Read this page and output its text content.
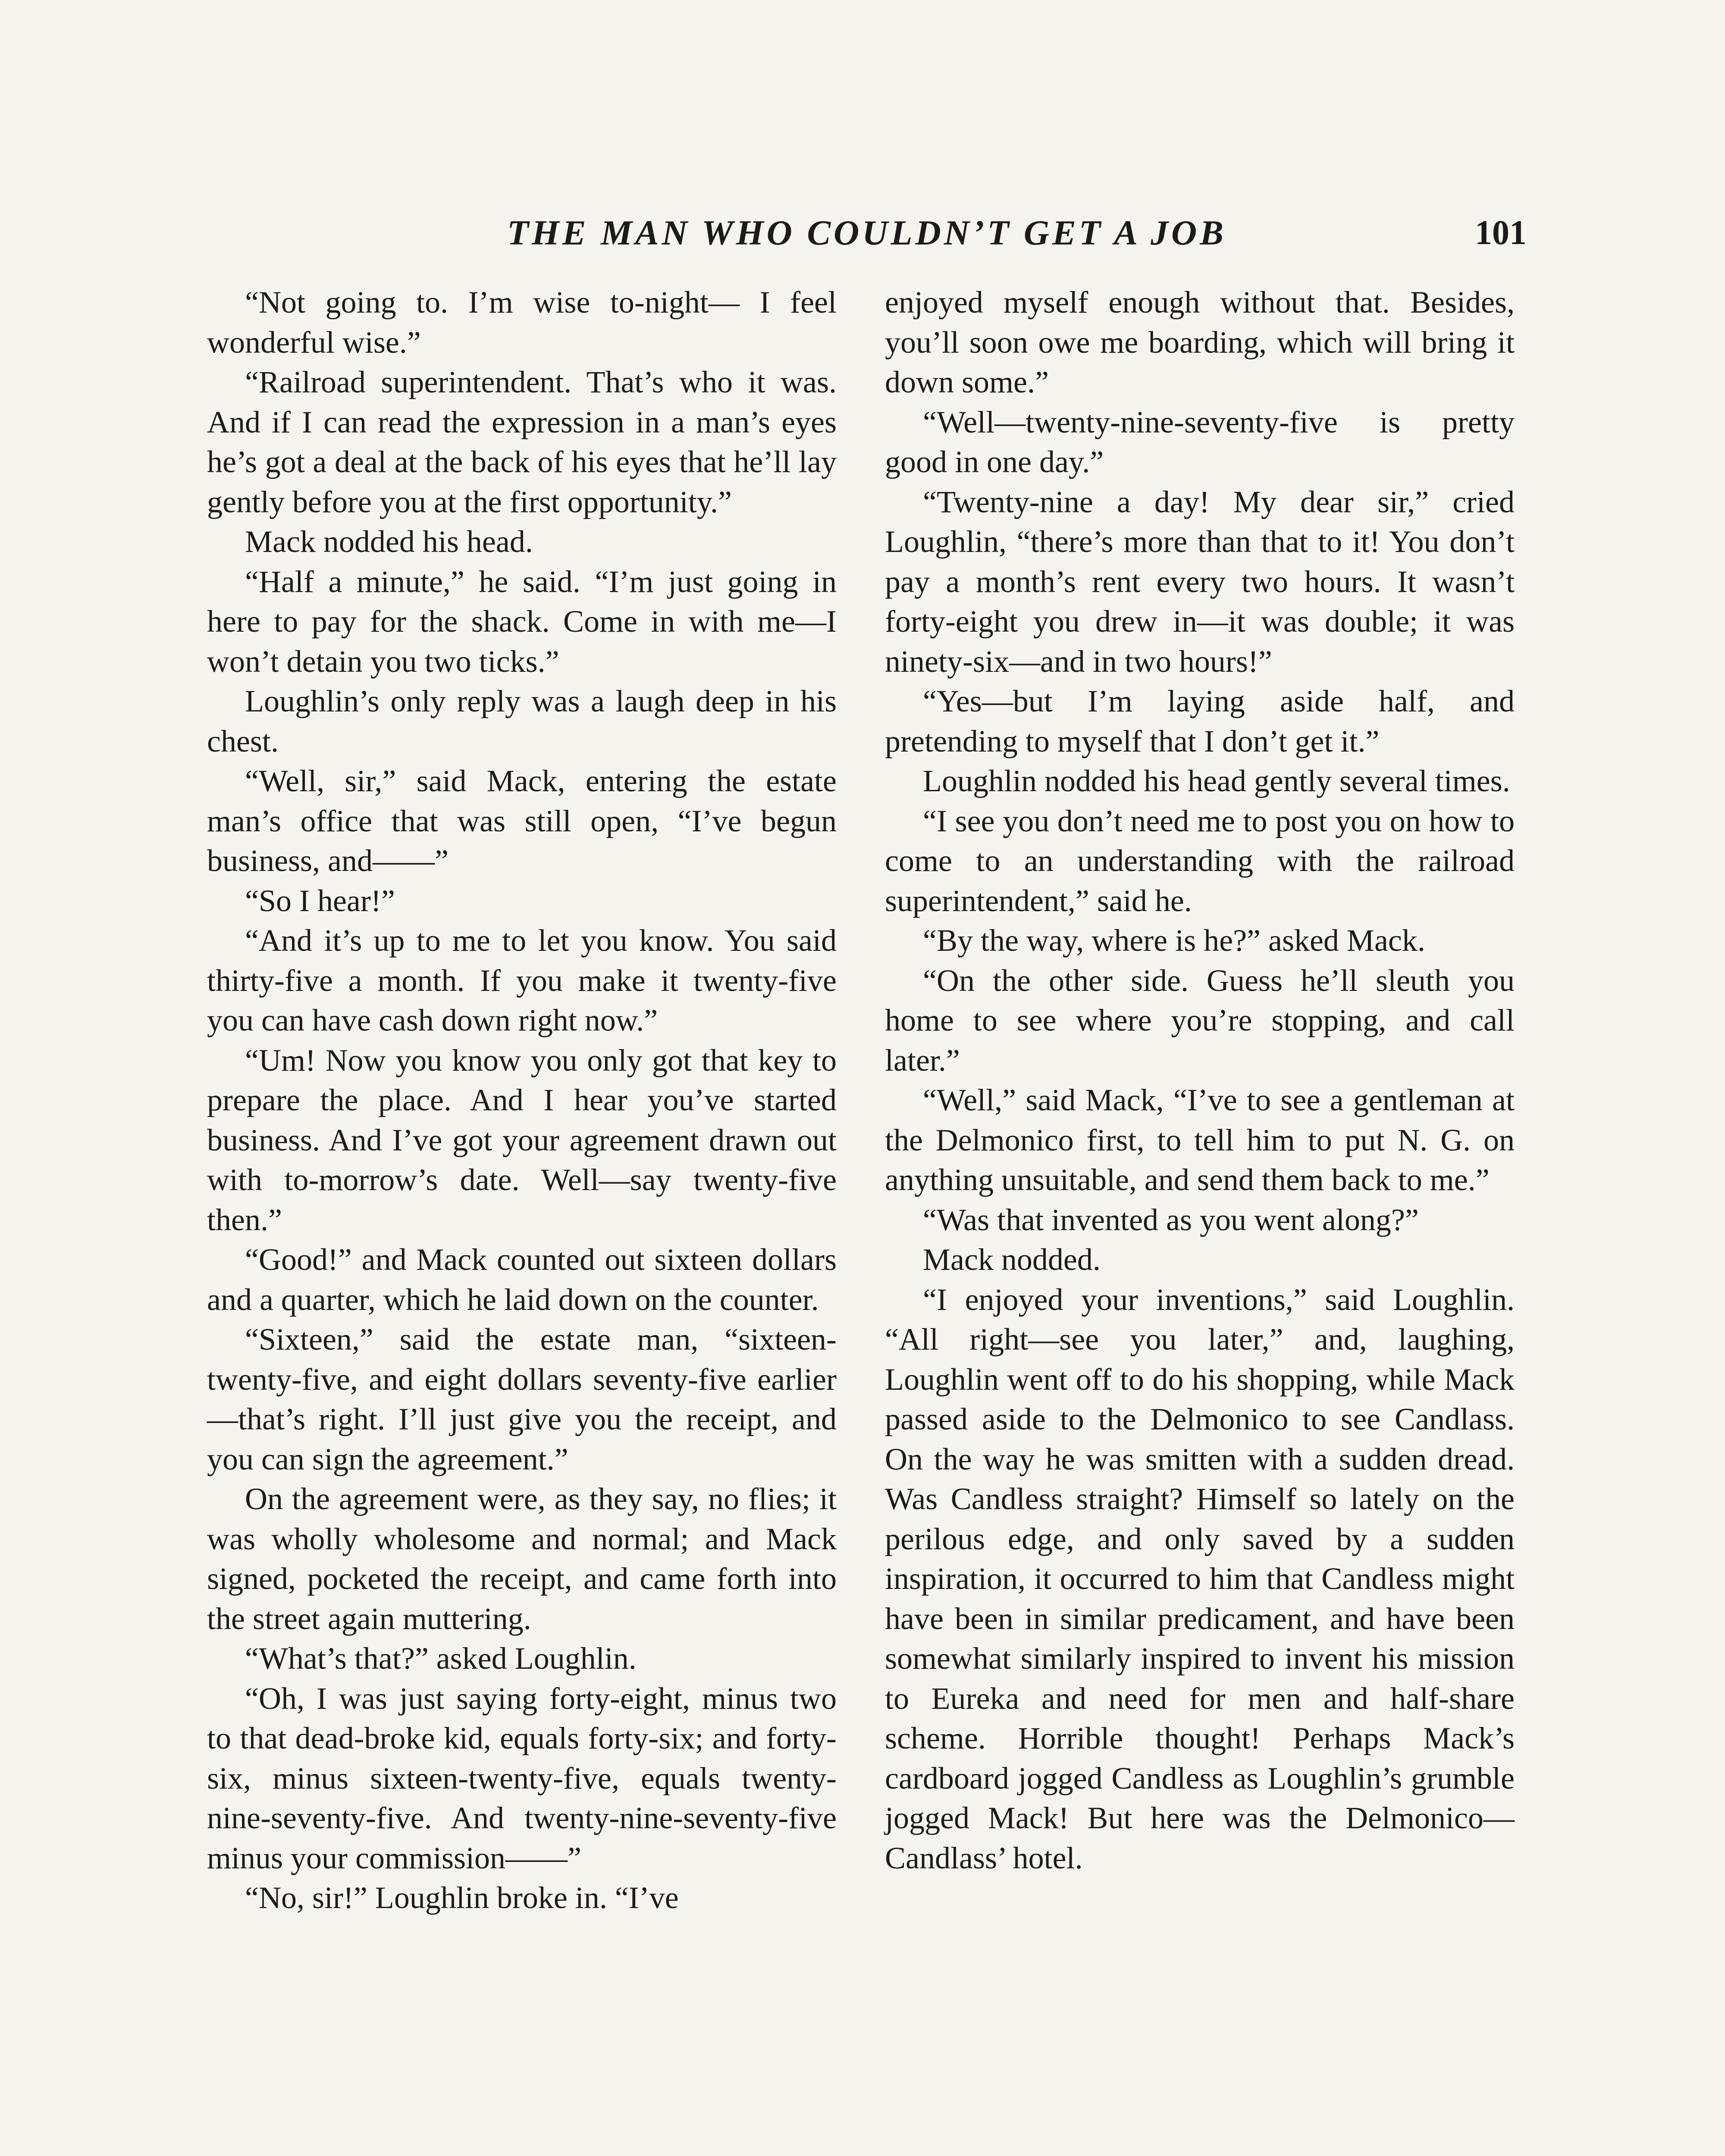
THE MAN WHO COULDN’T GET A JOB	101

“Not going to. I’m wise to-night— I feel wonderful wise.”

“Railroad superintendent. That’s who it was. And if I can read the expression in a man’s eyes he’s got a deal at the back of his eyes that he’ll lay gently before you at the first opportunity.”

Mack nodded his head.

“Half a minute,” he said. “I’m just going in here to pay for the shack. Come in with me—I won’t detain you two ticks.”

Loughlin’s only reply was a laugh deep in his chest.

“Well, sir,” said Mack, entering the estate man’s office that was still open, “I’ve begun business, and——”

“So I hear!”

“And it’s up to me to let you know. You said thirty-five a month. If you make it twenty-five you can have cash down right now.”

“Um! Now you know you only got that key to prepare the place. And I hear you’ve started business. And I’ve got your agreement drawn out with to-morrow’s date. Well—say twenty-five then.”

“Good!” and Mack counted out sixteen dollars and a quarter, which he laid down on the counter.

“Sixteen,” said the estate man, “sixteen-twenty-five, and eight dollars seventy-five earlier—that’s right. I’ll just give you the receipt, and you can sign the agreement.”

On the agreement were, as they say, no flies; it was wholly wholesome and normal; and Mack signed, pocketed the receipt, and came forth into the street again muttering.

“What’s that?” asked Loughlin.

“Oh, I was just saying forty-eight, minus two to that dead-broke kid, equals forty-six; and forty-six, minus sixteen-twenty-five, equals twenty-nine-seventy-five. And twenty-nine-seventy-five minus your commission——”

“No, sir!” Loughlin broke in. “I’ve

enjoyed myself enough without that. Besides, you’ll soon owe me boarding, which will bring it down some.”

“Well—twenty-nine-seventy-five is pretty good in one day.”

“Twenty-nine a day! My dear sir,” cried Loughlin, “there’s more than that to it! You don’t pay a month’s rent every two hours. It wasn’t forty-eight you drew in—it was double; it was ninety-six—and in two hours!”

“Yes—but I’m laying aside half, and pretending to myself that I don’t get it.”

Loughlin nodded his head gently several times.

“I see you don’t need me to post you on how to come to an understanding with the railroad superintendent,” said he.

“By the way, where is he?” asked Mack.

“On the other side. Guess he’ll sleuth you home to see where you’re stopping, and call later.”

“Well,” said Mack, “I’ve to see a gentleman at the Delmonico first, to tell him to put N. G. on anything unsuitable, and send them back to me.”

“Was that invented as you went along?”

Mack nodded.

“I enjoyed your inventions,” said Loughlin. “All right—see you later,” and, laughing, Loughlin went off to do his shopping, while Mack passed aside to the Delmonico to see Candlass. On the way he was smitten with a sudden dread. Was Candless straight? Himself so lately on the perilous edge, and only saved by a sudden inspiration, it occurred to him that Candless might have been in similar predicament, and have been somewhat similarly inspired to invent his mission to Eureka and need for men and half-share scheme. Horrible thought! Perhaps Mack’s cardboard jogged Candless as Loughlin’s grumble jogged Mack! But here was the Delmonico—Candlass’ hotel.
